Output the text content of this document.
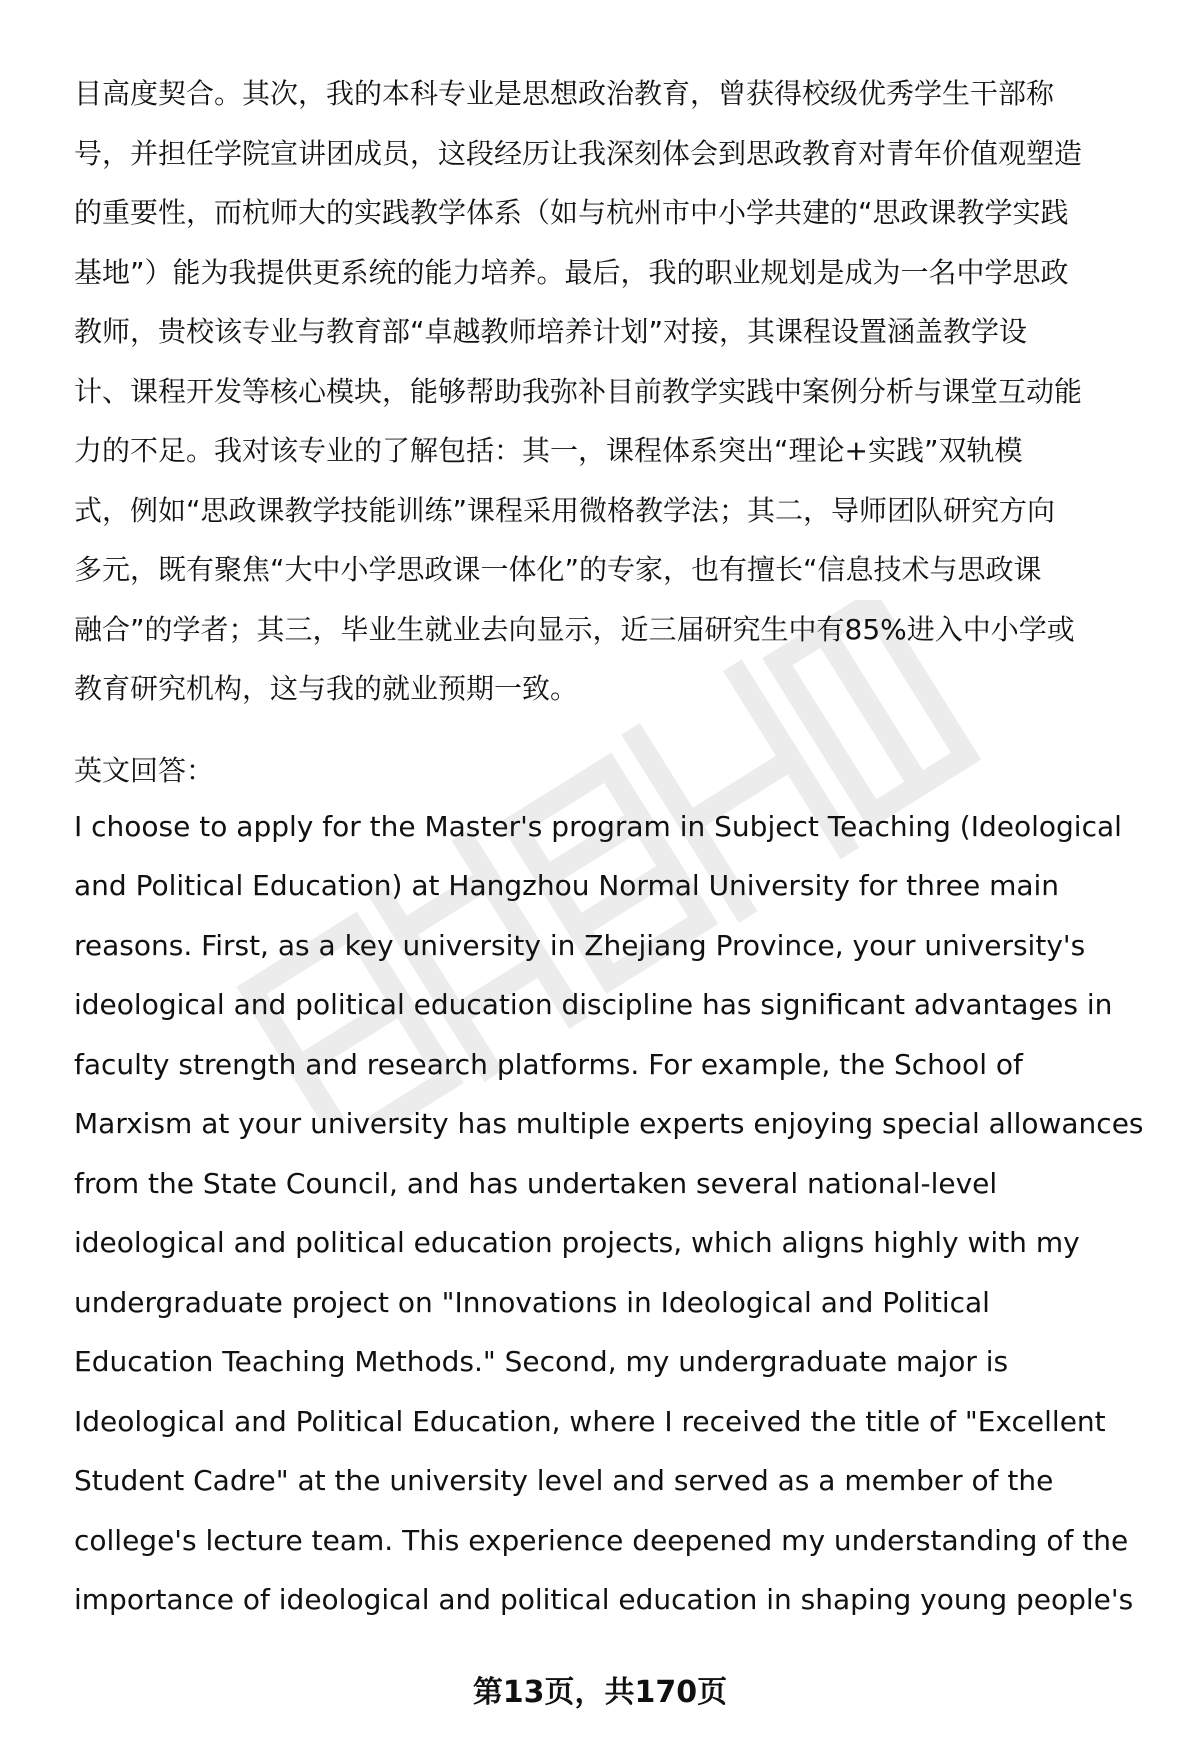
目高度契合。其次，我的本科专业是思想政治教育，曾获得校级优秀学生干部称
号，并担任学院宣讲团成员，这段经历让我深刻体会到思政教育对青年价值观塑造
的重要性，而杭师大的实践教学体系（如与杭州市中小学共建的“思政课教学实践
基地”）能为我提供更系统的能力培养。最后，我的职业规划是成为一名中学思政
教师，贵校该专业与教育部“卓越教师培养计划”对接，其课程设置涵盖教学设
计、课程开发等核心模块，能够帮助我弥补目前教学实践中案例分析与课堂互动能
力的不足。我对该专业的了解包括：其一，课程体系突出“理论+实践”双轨模
式，例如“思政课教学技能训练”课程采用微格教学法；其二，导师团队研究方向
多元，既有聚焦“大中小学思政课一体化”的专家，也有擅长“信息技术与思政课
融合”的学者；其三，毕业生就业去向显示，近三届研究生中有85%进入中小学或
教育研究机构，这与我的就业预期一致。
英文回答：
I choose to apply for the Master's program in Subject Teaching (Ideological
and Political Education) at Hangzhou Normal University for three main
reasons. First, as a key university in Zhejiang Province, your university's
ideological and political education discipline has significant advantages in
faculty strength and research platforms. For example, the School of
Marxism at your university has multiple experts enjoying special allowances
from the State Council, and has undertaken several national-level
ideological and political education projects, which aligns highly with my
undergraduate project on "Innovations in Ideological and Political
Education Teaching Methods." Second, my undergraduate major is
Ideological and Political Education, where I received the title of "Excellent
Student Cadre" at the university level and served as a member of the
college's lecture team. This experience deepened my understanding of the
importance of ideological and political education in shaping young people's
第13页，共170页
